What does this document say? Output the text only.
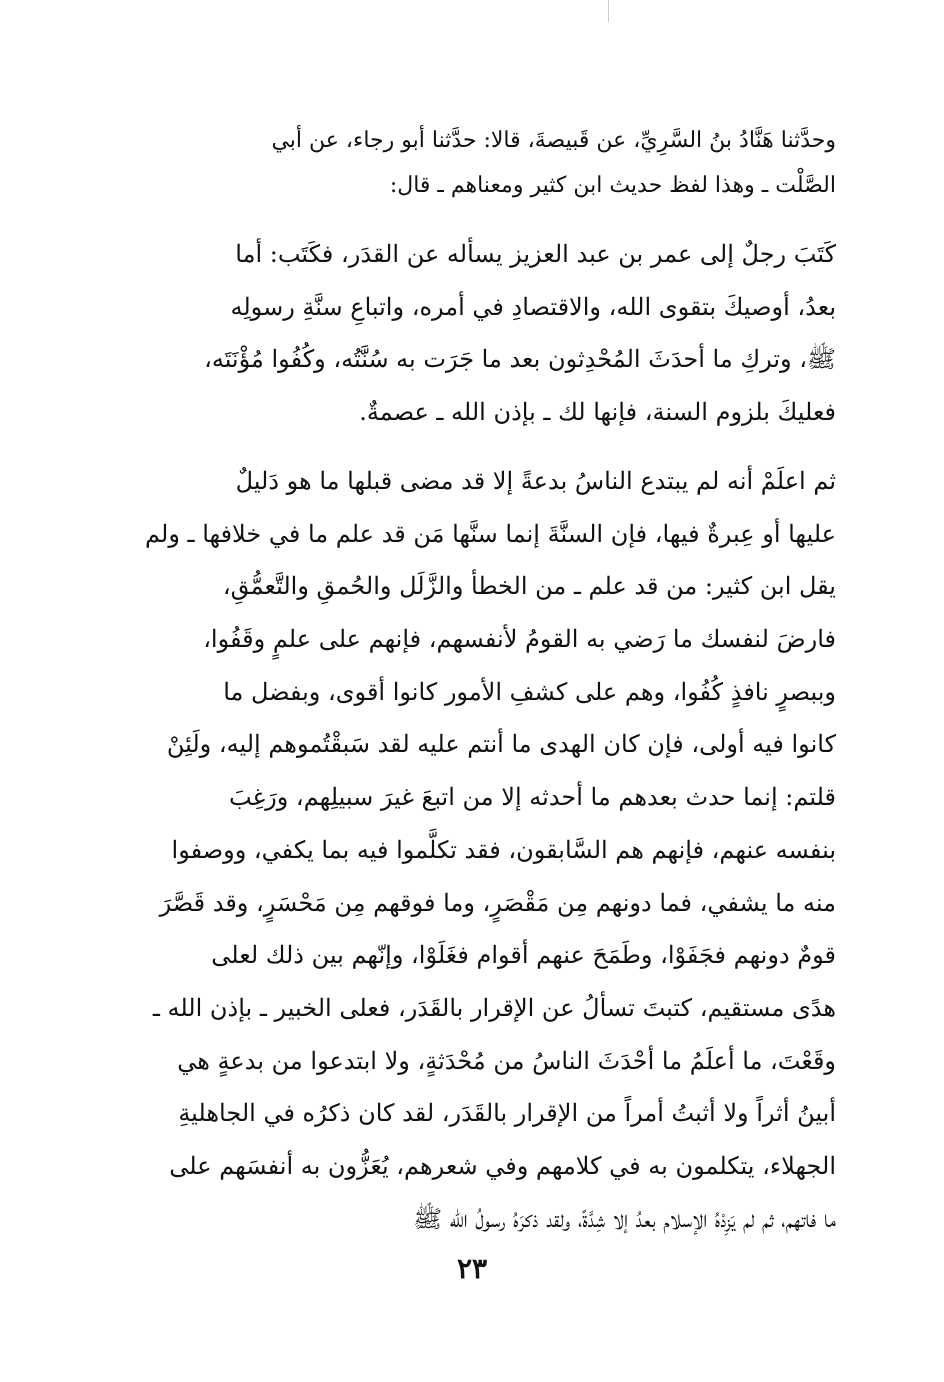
وحدَّثنا هَنَّادُ بنُ السَّرِيِّ، عن قَبيصةَ، قالا: حدَّثنا أبو رجاء، عن أبي
الصَّلْت ـ وهذا لفظ حديث ابن كثير ومعناهم ـ قال:
كَتَبَ رجلٌ إلى عمر بن عبد العزيز يسأله عن القدَر، فكَتَب: أما
بعدُ، أوصيكَ بتقوى الله، والاقتصادِ في أمره، واتباعِ سنَّةِ رسولِه
ﷺ، وتركِ ما أحدَثَ المُحْدِثون بعد ما جَرَت به سُنَّتُه، وكُفُوا مُؤْنَتَه،
فعليكَ بلزوم السنة، فإنها لك ـ بإذن الله ـ عصمةٌ.
ثم اعلَمْ أنه لم يبتدع الناسُ بدعةً إلا قد مضى قبلها ما هو دَليلٌ
عليها أو عِبرةٌ فيها، فإن السنَّةَ إنما سنَّها مَن قد علم ما في خلافها ـ ولم
يقل ابن كثير: من قد علم ـ من الخطأ والزَّلَل والحُمقِ والتَّعمُّقِ،
فارضَ لنفسك ما رَضي به القومُ لأنفسهم، فإنهم على علمٍ وقَفُوا،
وببصرٍ نافذٍ كُفُوا، وهم على كشفِ الأمور كانوا أقوى، وبفضل ما
كانوا فيه أولى، فإن كان الهدى ما أنتم عليه لقد سَبقْتُموهم إليه، ولَئِنْ
قلتم: إنما حدث بعدهم ما أحدثه إلا من اتبعَ غيرَ سبيلِهم، ورَغِبَ
بنفسه عنهم، فإنهم هم السَّابقون، فقد تكلَّموا فيه بما يكفي، ووصفوا
منه ما يشفي، فما دونهم مِن مَقْصَرٍ، وما فوقهم مِن مَحْسَرٍ، وقد قَصَّرَ
قومٌ دونهم فجَفَوْا، وطَمَحَ عنهم أقوام فغَلَوْا، وإنّهم بين ذلك لعلى
هدًى مستقيم، كتبتَ تسألُ عن الإقرار بالقَدَر، فعلى الخبير ـ بإذن الله ـ
وقَعْتَ، ما أعلَمُ ما أحْدَثَ الناسُ من مُحْدَثةٍ، ولا ابتدعوا من بدعةٍ هي
أبينُ أثراً ولا أثبتُ أمراً من الإقرار بالقَدَر، لقد كان ذكرُه في الجاهليةِ
الجهلاء، يتكلمون به في كلامهم وفي شعرهم، يُعَزُّون به أنفسَهم على
ما فاتهم، ثم لم يَزِدْهُ الإسلام بعدُ إلا شِدَّةً، ولقد ذكرَهُ رسولُ الله ﷺ
٢٣
